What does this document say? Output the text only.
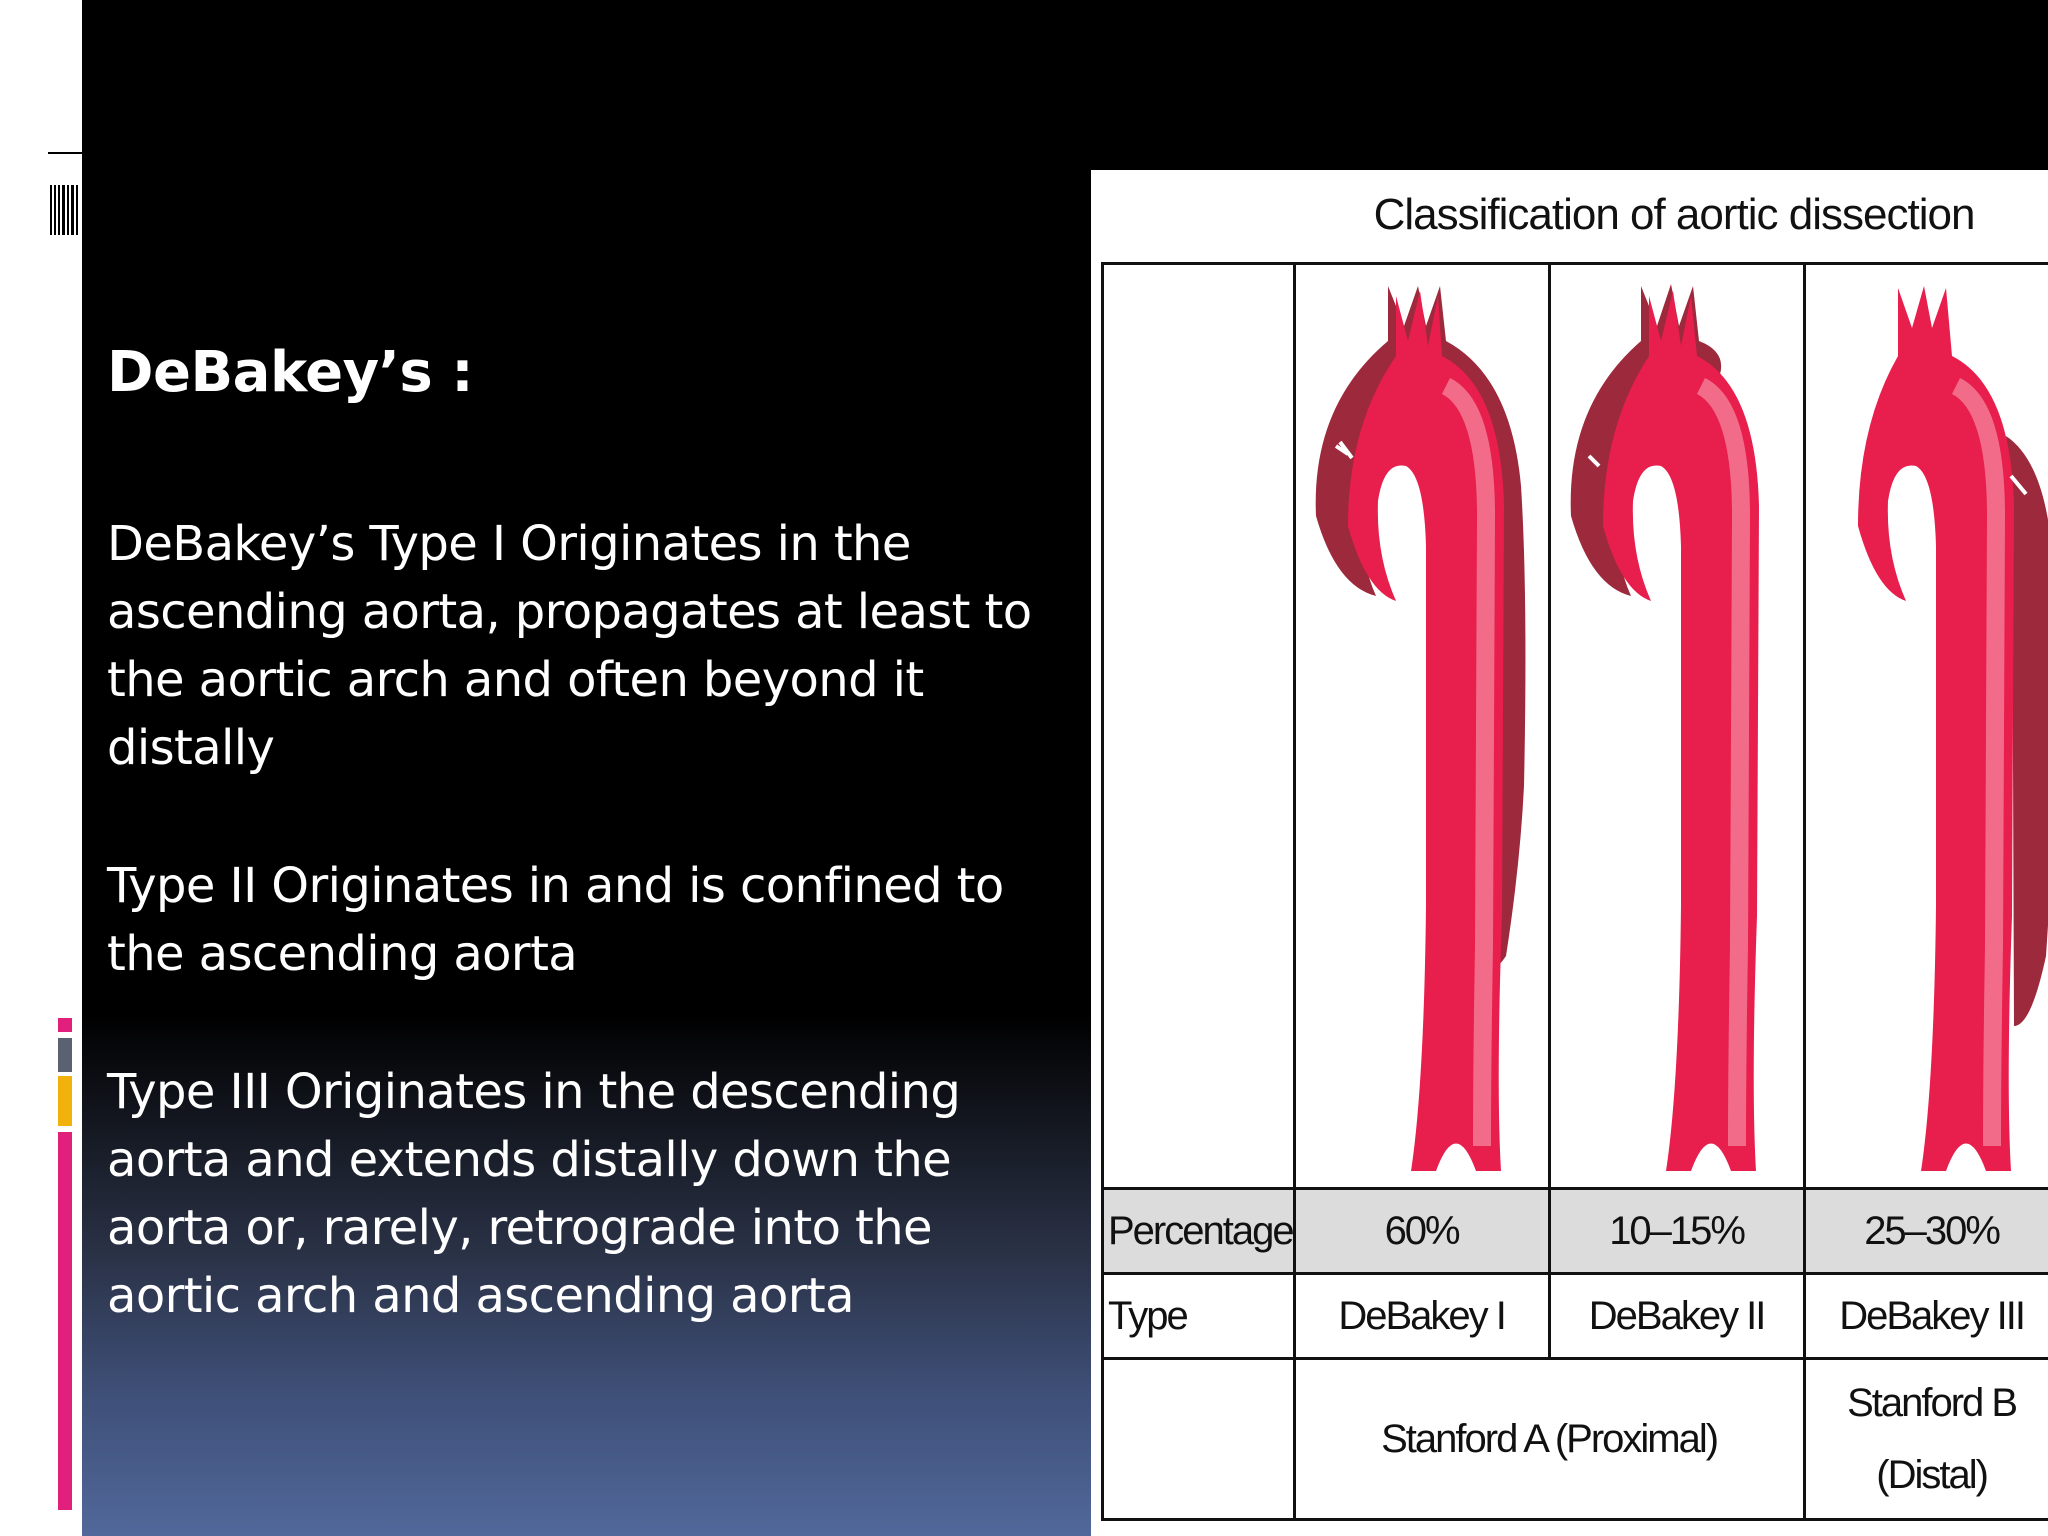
DeBakey’s :
DeBakey’s Type I Originates in the ascending aorta, propagates at least to the aortic arch and often beyond it distally
Type II Originates in and is confined to the ascending aorta
Type III Originates in the descending aorta and extends distally down the aorta or, rarely, retrograde into the aortic arch and ascending aorta
Classification of aortic dissection

Percentage	60%	10–15%	25–30%
Type	DeBakey I	DeBakey II	DeBakey III
	Stanford A (Proximal)		Stanford B
(Distal)
